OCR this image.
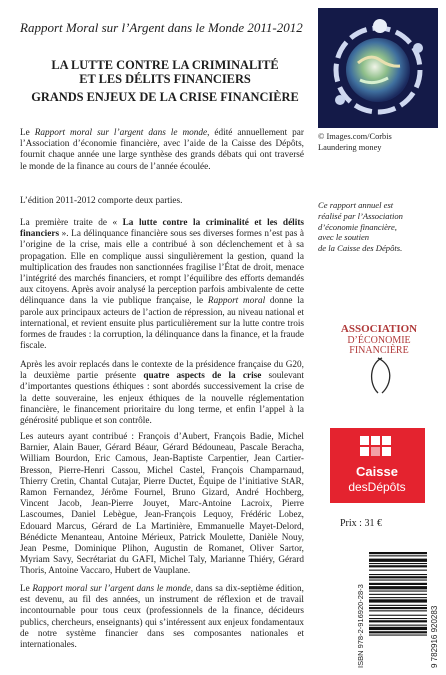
Rapport Moral sur l’Argent dans le Monde 2011-2012
LA LUTTE CONTRE LA CRIMINALITÉ
ET LES DÉLITS FINANCIERS
GRANDS ENJEUX DE LA CRISE FINANCIÈRE
© Images.com/Corbis
Laundering money
Ce rapport annuel est
réalisé par l’Association
d’économie financière,
avec le soutien
de la Caisse des Dépôts.
ASSOCIATION
D’ÉCONOMIE
FINANCIÈRE
Caisse
desDépôts
Prix : 31 €
ISBN 978-2-916920-28-3	9 782916 920283

Le Rapport moral sur l’argent dans le monde, édité annuellement par l’Association d’économie financière, avec l’aide de la Caisse des Dépôts, fournit chaque année une large synthèse des grands débats qui ont traversé le monde de la finance au cours de l’année écoulée.

L’édition 2011-2012 comporte deux parties.

La première traite de « La lutte contre la criminalité et les délits financiers ». La délinquance financière sous ses diverses formes n’est pas à l’origine de la crise, mais elle a contribué à son déclenchement et à sa propagation. Elle en complique aussi singulièrement la gestion, quand la multiplication des fraudes non sanctionnées fragilise l’État de droit, menace l’intégrité des marchés financiers, et rompt l’équilibre des efforts demandés aux citoyens. Après avoir analysé la perception parfois ambivalente de cette délinquance dans la vie publique française, le Rapport moral donne la parole aux principaux acteurs de l’action de répression, au niveau national et international, et revient ensuite plus particulièrement sur la lutte contre trois formes de fraudes : la corruption, la délinquance dans la finance, et la fraude fiscale.

Après les avoir replacés dans le contexte de la présidence française du G20, la deuxième partie présente quatre aspects de la crise soulevant d’importantes questions éthiques : sont abordés successivement la crise de la dette souveraine, les enjeux éthiques de la nouvelle réglementation financière, le financement prioritaire du long terme, et enfin l’appel à la générosité publique et son contrôle.

Les auteurs ayant contribué : François d’Aubert, François Badie, Michel Barnier, Alain Bauer, Gérard Béaur, Gérard Bédouneau, Pascale Beracha, William Bourdon, Eric Camous, Jean-Baptiste Carpentier, Jean Cartier-Bresson, Pierre-Henri Cassou, Michel Castel, François Champarnaud, Thierry Cretin, Chantal Cutajar, Pierre Ductet, Équipe de l’initiative StAR, Ramon Fernandez, Jérôme Fournel, Bruno Gizard, André Hochberg, Vincent Jacob, Jean-Pierre Jouyet, Marc-Antoine Lacroix, Pierre Lascoumes, Daniel Lebègue, Jean-François Lequoy, Frédéric Lobez, Edouard Marcus, Gérard de La Martinière, Emmanuelle Mayet-Delord, Bénédicte Menanteau, Antoine Mérieux, Patrick Moulette, Danièle Nouy, Jean Pesme, Dominique Plihon, Augustin de Romanet, Oliver Sartor, Myriam Savy, Secrétariat du GAFI, Michel Taly, Marianne Thiéry, Gérard Thoris, Antoine Vaccaro, Hubert de Vauplane.

Le Rapport moral sur l’argent dans le monde, dans sa dix-septième édition, est devenu, au fil des années, un instrument de réflexion et de travail incontournable pour tous ceux (professionnels de la finance, décideurs publics, chercheurs, enseignants) qui s’intéressent aux enjeux fondamentaux de notre système financier dans ses composantes nationales et internationales.
